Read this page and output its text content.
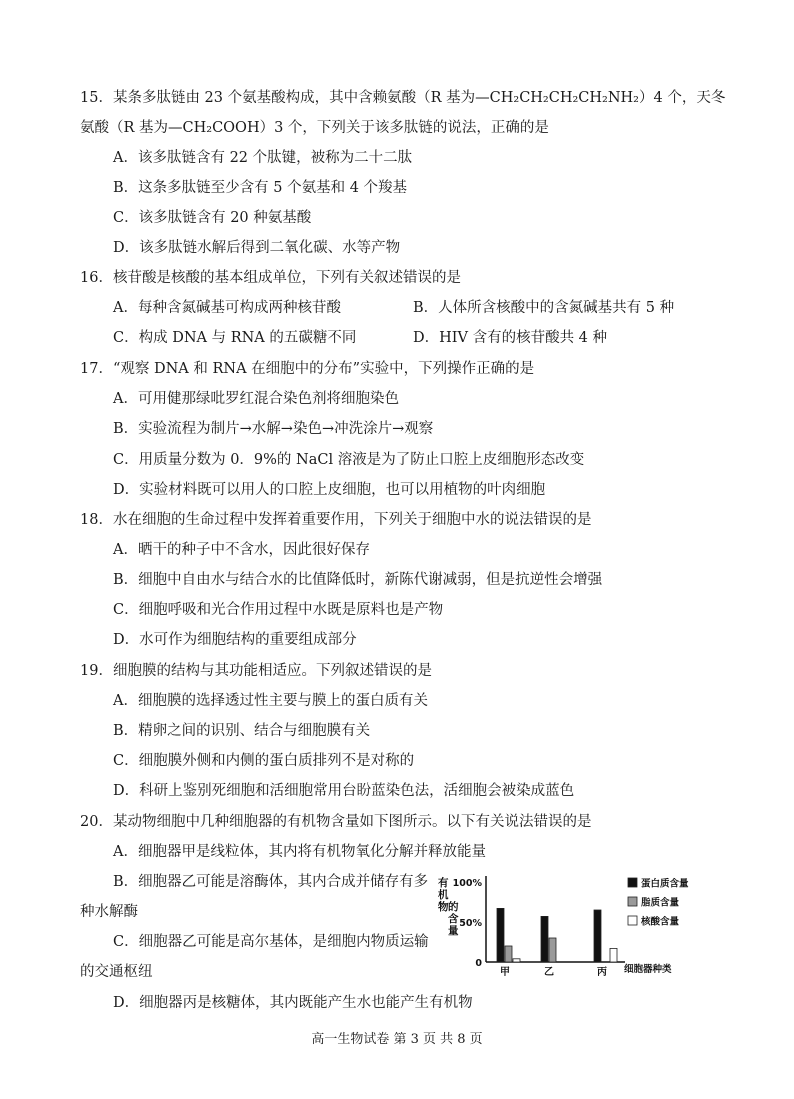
15．某条多肽链由 23 个氨基酸构成，其中含赖氨酸（R 基为—CH₂CH₂CH₂CH₂NH₂）4 个，天冬
氨酸（R 基为—CH₂COOH）3 个，下列关于该多肽链的说法，正确的是
A．该多肽链含有 22 个肽键，被称为二十二肽
B．这条多肽链至少含有 5 个氨基和 4 个羧基
C．该多肽链含有 20 种氨基酸
D．该多肽链水解后得到二氧化碳、水等产物
16．核苷酸是核酸的基本组成单位，下列有关叙述错误的是
A．每种含氮碱基可构成两种核苷酸	B．人体所含核酸中的含氮碱基共有 5 种
C．构成 DNA 与 RNA 的五碳糖不同	D．HIV 含有的核苷酸共 4 种
17．“观察 DNA 和 RNA 在细胞中的分布”实验中，下列操作正确的是
A．可用健那绿吡罗红混合染色剂将细胞染色
B．实验流程为制片→水解→染色→冲洗涂片→观察
C．用质量分数为 0．9%的 NaCl 溶液是为了防止口腔上皮细胞形态改变
D．实验材料既可以用人的口腔上皮细胞，也可以用植物的叶肉细胞
18．水在细胞的生命过程中发挥着重要作用，下列关于细胞中水的说法错误的是
A．晒干的种子中不含水，因此很好保存
B．细胞中自由水与结合水的比值降低时，新陈代谢减弱，但是抗逆性会增强
C．细胞呼吸和光合作用过程中水既是原料也是产物
D．水可作为细胞结构的重要组成部分
19．细胞膜的结构与其功能相适应。下列叙述错误的是
A．细胞膜的选择透过性主要与膜上的蛋白质有关
B．精卵之间的识别、结合与细胞膜有关
C．细胞膜外侧和内侧的蛋白质排列不是对称的
D．科研上鉴别死细胞和活细胞常用台盼蓝染色法，活细胞会被染成蓝色
20．某动物细胞中几种细胞器的有机物含量如下图所示。以下有关说法错误的是
A．细胞器甲是线粒体，其内将有机物氧化分解并释放能量
B．细胞器乙可能是溶酶体，其内合成并储存有多
种水解酶
C．细胞器乙可能是高尔基体，是细胞内物质运输
的交通枢纽
D．细胞器丙是核糖体，其内既能产生水也能产生有机物
有
机
物 的
含
量
100%
50%
0
甲	乙	丙 细胞器种类
蛋白质含量
脂质含量
核酸含量
高一生物试卷 第 3 页 共 8 页
